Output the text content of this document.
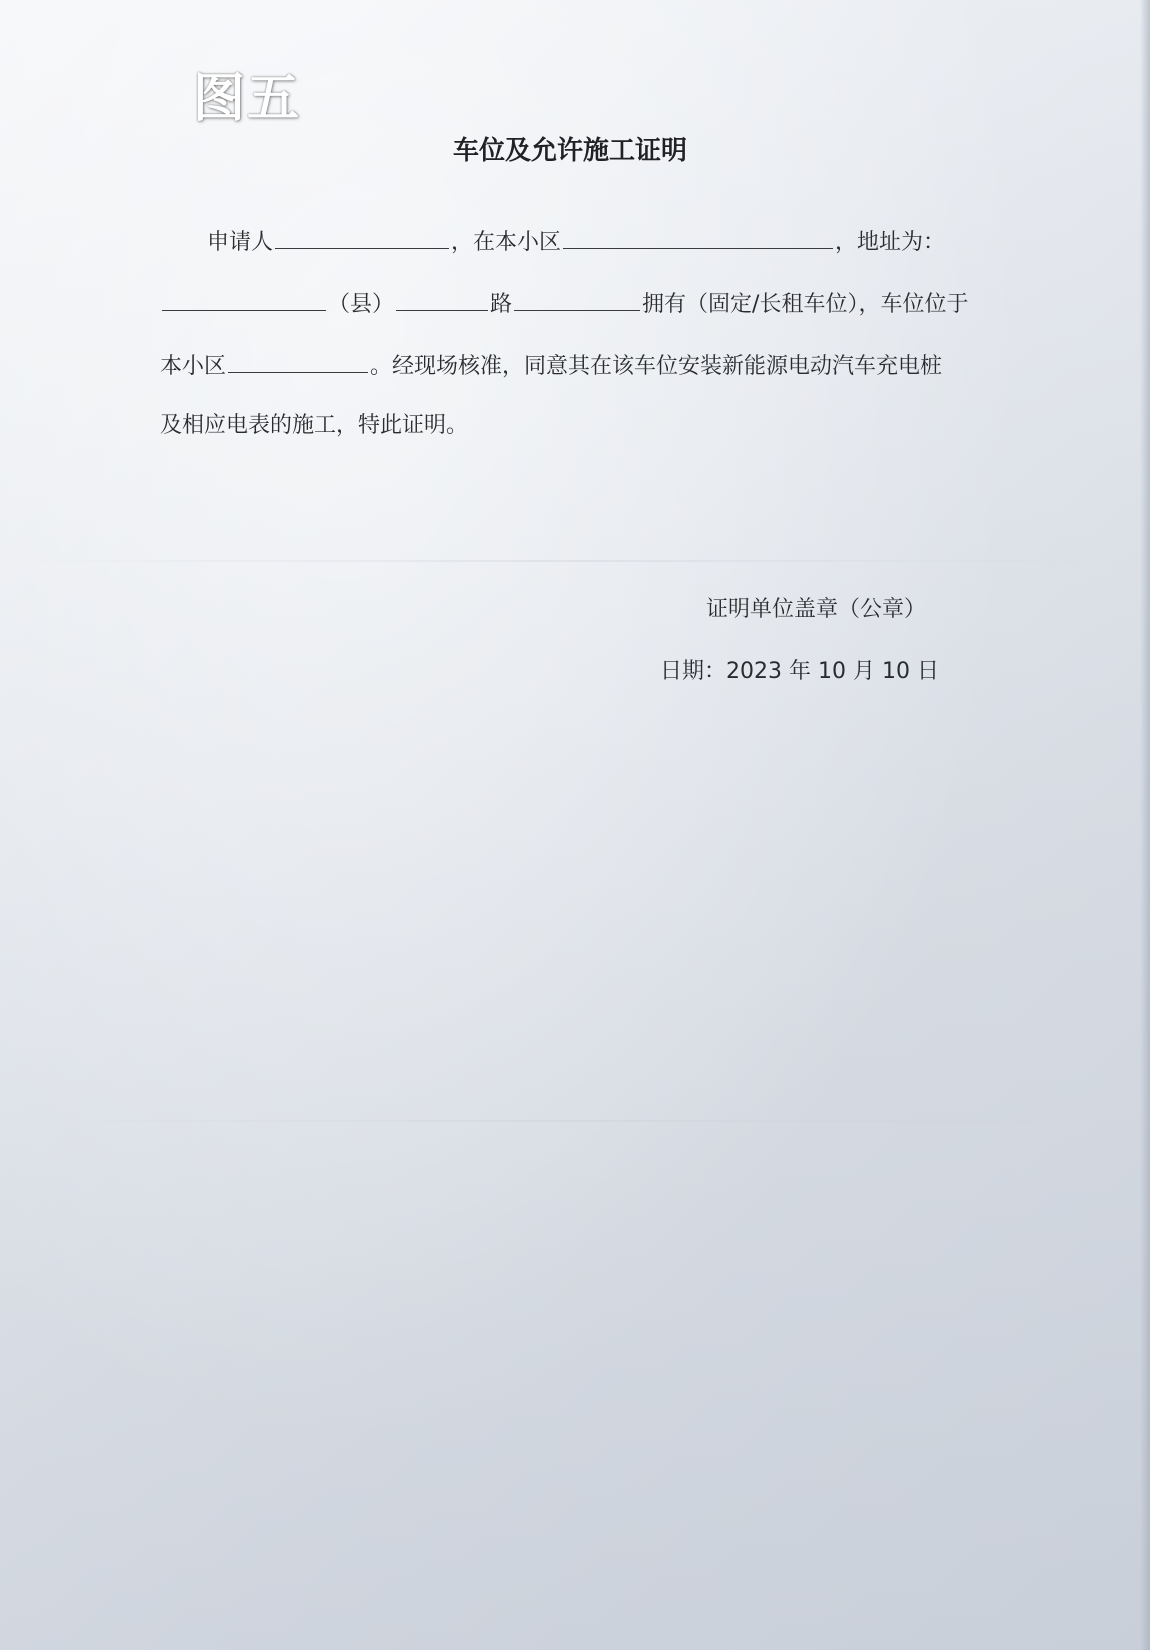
图五
车位及允许施工证明
申请人	，在本小区	，地址为：
（县）	路	拥有（固定/长租车位），车位位于
本小区	。经现场核准，同意其在该车位安装新能源电动汽车充电桩
及相应电表的施工，特此证明。
证明单位盖章（公章）
日期：2023 年 10 月 10 日
